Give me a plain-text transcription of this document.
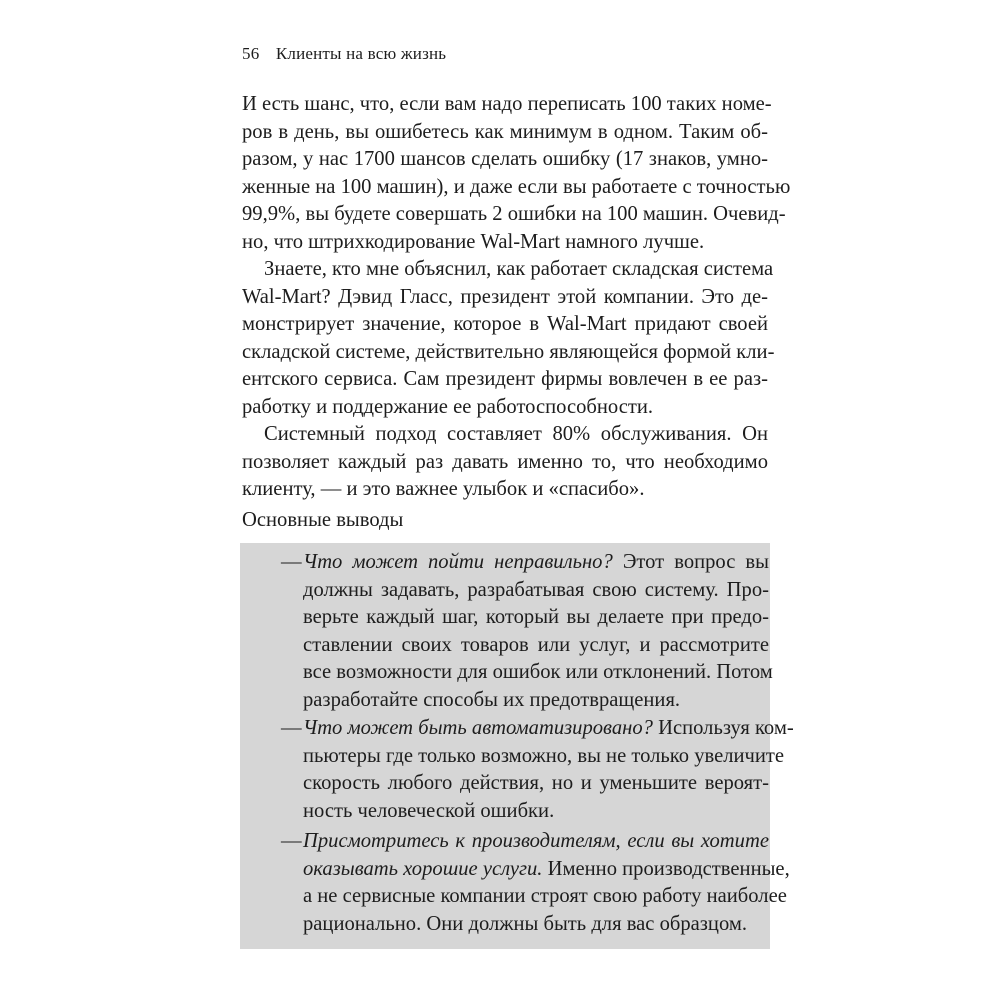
56 Клиенты на всю жизнь
И есть шанс, что, если вам надо переписать 100 таких номе-
ров в день, вы ошибетесь как минимум в одном. Таким об-
разом, у нас 1700 шансов сделать ошибку (17 знаков, умно-
женные на 100 машин), и даже если вы работаете с точностью
99,9%, вы будете совершать 2 ошибки на 100 машин. Очевид-
но, что штрихкодирование Wal-Mart намного лучше.
Знаете, кто мне объяснил, как работает складская система
Wal-Mart? Дэвид Гласс, президент этой компании. Это де-
монстрирует значение, которое в Wal-Mart придают своей
складской системе, действительно являющейся формой кли-
ентского сервиса. Сам президент фирмы вовлечен в ее раз-
работку и поддержание ее работоспособности.
Системный подход составляет 80% обслуживания. Он
позволяет каждый раз давать именно то, что необходимо
клиенту, — и это важнее улыбок и «спасибо».
Основные выводы
— Что может пойти неправильно? Этот вопрос вы
должны задавать, разрабатывая свою систему. Про-
верьте каждый шаг, который вы делаете при предо-
ставлении своих товаров или услуг, и рассмотрите
все возможности для ошибок или отклонений. Потом
разработайте способы их предотвращения.
— Что может быть автоматизировано? Используя ком-
пьютеры где только возможно, вы не только увеличите
скорость любого действия, но и уменьшите вероят-
ность человеческой ошибки.
— Присмотритесь к производителям, если вы хотите
оказывать хорошие услуги. Именно производственные,
а не сервисные компании строят свою работу наиболее
рационально. Они должны быть для вас образцом.
